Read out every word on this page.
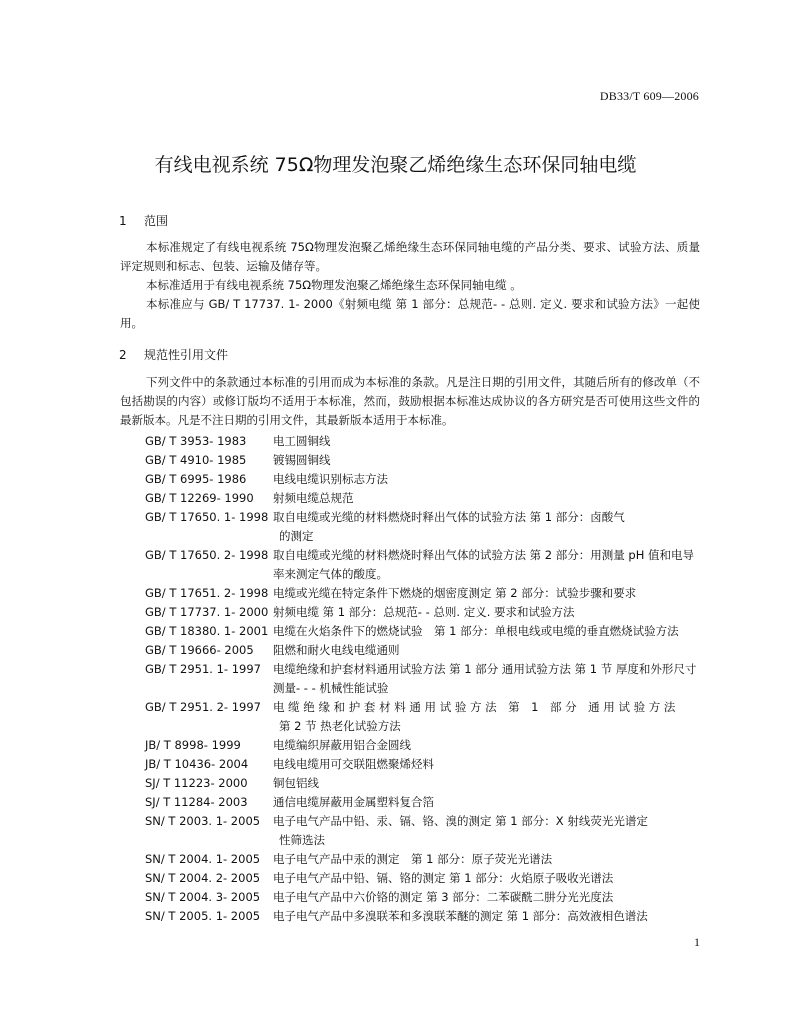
DB33/T 609—2006
有线电视系统 75Ω物理发泡聚乙烯绝缘生态环保同轴电缆
1 范围

本标准规定了有线电视系统 75Ω物理发泡聚乙烯绝缘生态环保同轴电缆的产品分类、要求、试验方法、质量评定规则和标志、包装、运输及储存等。

本标准适用于有线电视系统 75Ω物理发泡聚乙烯绝缘生态环保同轴电缆 。

本标准应与 GB/ T 17737. 1- 2000《射频电缆 第 1 部分：总规范- - 总则. 定义. 要求和试验方法》一起使用。

2 规范性引用文件

下列文件中的条款通过本标准的引用而成为本标准的条款。凡是注日期的引用文件，其随后所有的修改单（不包括勘误的内容）或修订版均不适用于本标准，然而，鼓励根据本标准达成协议的各方研究是否可使用这些文件的最新版本。凡是不注日期的引用文件，其最新版本适用于本标准。

GB/ T 3953- 1983	电工圆铜线
GB/ T 4910- 1985	镀锡圆铜线
GB/ T 6995- 1986	电线电缆识别标志方法
GB/ T 12269- 1990	射频电缆总规范
GB/ T 17650. 1- 1998 取自电缆或光缆的材料燃烧时释出气体的试验方法 第 1 部分：卤酸气
的测定
GB/ T 17650. 2- 1998 取自电缆或光缆的材料燃烧时释出气体的试验方法 第 2 部分：用测量 pH 值和电导率来测定气体的酸度。
GB/ T 17651. 2- 1998 电缆或光缆在特定条件下燃烧的烟密度测定 第 2 部分：试验步骤和要求
GB/ T 17737. 1- 2000 射频电缆 第 1 部分：总规范- - 总则. 定义. 要求和试验方法
GB/ T 18380. 1- 2001 电缆在火焰条件下的燃烧试验　第 1 部分：单根电线或电缆的垂直燃烧试验方法
GB/ T 19666- 2005	阻燃和耐火电线电缆通则
GB/ T 2951. 1- 1997	电缆绝缘和护套材料通用试验方法 第 1 部分 通用试验方法 第 1 节 厚度和外形尺寸测量- - - 机械性能试验
GB/ T 2951. 2- 1997	电 缆 绝 缘 和 护 套 材 料 通 用 试 验 方 法　第　1　部 分　通 用 试 验 方 法
第 2 节 热老化试验方法
JB/ T 8998- 1999	电缆编织屏蔽用铝合金圆线
JB/ T 10436- 2004	电线电缆用可交联阻燃聚烯烃料
SJ/ T 11223- 2000	铜包铝线
SJ/ T 11284- 2003	通信电缆屏蔽用金属塑料复合箔
SN/ T 2003. 1- 2005	电子电气产品中铅、汞、镉、铬、溴的测定 第 1 部分：X 射线荧光光谱定
性筛选法
SN/ T 2004. 1- 2005	电子电气产品中汞的测定　第 1 部分：原子荧光光谱法
SN/ T 2004. 2- 2005	电子电气产品中铅、镉、铬的测定 第 1 部分：火焰原子吸收光谱法
SN/ T 2004. 3- 2005	电子电气产品中六价铬的测定 第 3 部分：二苯碳酰二肼分光光度法
SN/ T 2005. 1- 2005	电子电气产品中多溴联苯和多溴联苯醚的测定 第 1 部分：高效液相色谱法
1
